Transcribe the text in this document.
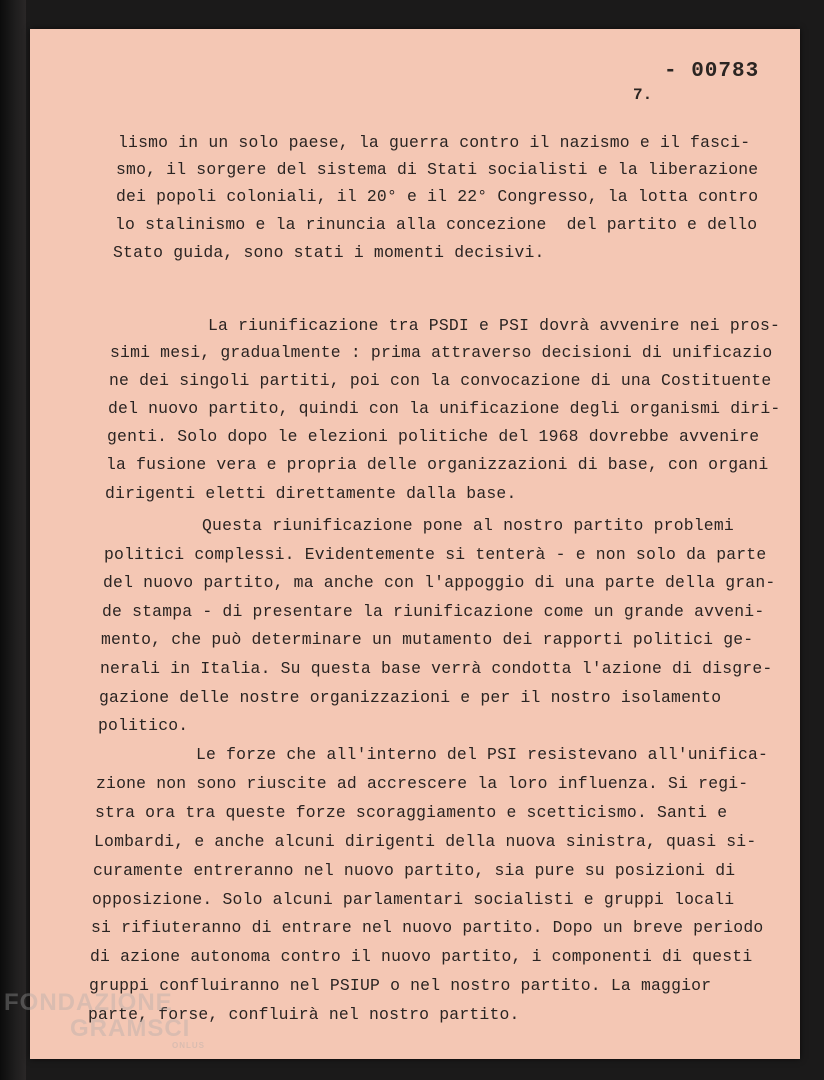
- 00783
7.
lismo in un solo paese, la guerra contro il nazismo e il fasci-
smo, il sorgere del sistema di Stati socialisti e la liberazione
dei popoli coloniali, il 20° e il 22° Congresso, la lotta contro
lo stalinismo e la rinuncia alla concezione  del partito e dello
Stato guida, sono stati i momenti decisivi.
La riunificazione tra PSDI e PSI dovrà avvenire nei pros-
simi mesi, gradualmente : prima attraverso decisioni di unificazio
ne dei singoli partiti, poi con la convocazione di una Costituente
del nuovo partito, quindi con la unificazione degli organismi diri-
genti. Solo dopo le elezioni politiche del 1968 dovrebbe avvenire
la fusione vera e propria delle organizzazioni di base, con organi
dirigenti eletti direttamente dalla base.
Questa riunificazione pone al nostro partito problemi
politici complessi. Evidentemente si tenterà - e non solo da parte
del nuovo partito, ma anche con l'appoggio di una parte della gran-
de stampa - di presentare la riunificazione come un grande avveni-
mento, che può determinare un mutamento dei rapporti politici ge-
nerali in Italia. Su questa base verrà condotta l'azione di disgre-
gazione delle nostre organizzazioni e per il nostro isolamento
politico.
Le forze che all'interno del PSI resistevano all'unifica-
zione non sono riuscite ad accrescere la loro influenza. Si regi-
stra ora tra queste forze scoraggiamento e scetticismo. Santi e
Lombardi, e anche alcuni dirigenti della nuova sinistra, quasi si-
curamente entreranno nel nuovo partito, sia pure su posizioni di
opposizione. Solo alcuni parlamentari socialisti e gruppi locali
si rifiuteranno di entrare nel nuovo partito. Dopo un breve periodo
di azione autonoma contro il nuovo partito, i componenti di questi
gruppi confluiranno nel PSIUP o nel nostro partito. La maggior
parte, forse, confluirà nel nostro partito.
FONDAZIONE
GRAMSCI
ONLUS
